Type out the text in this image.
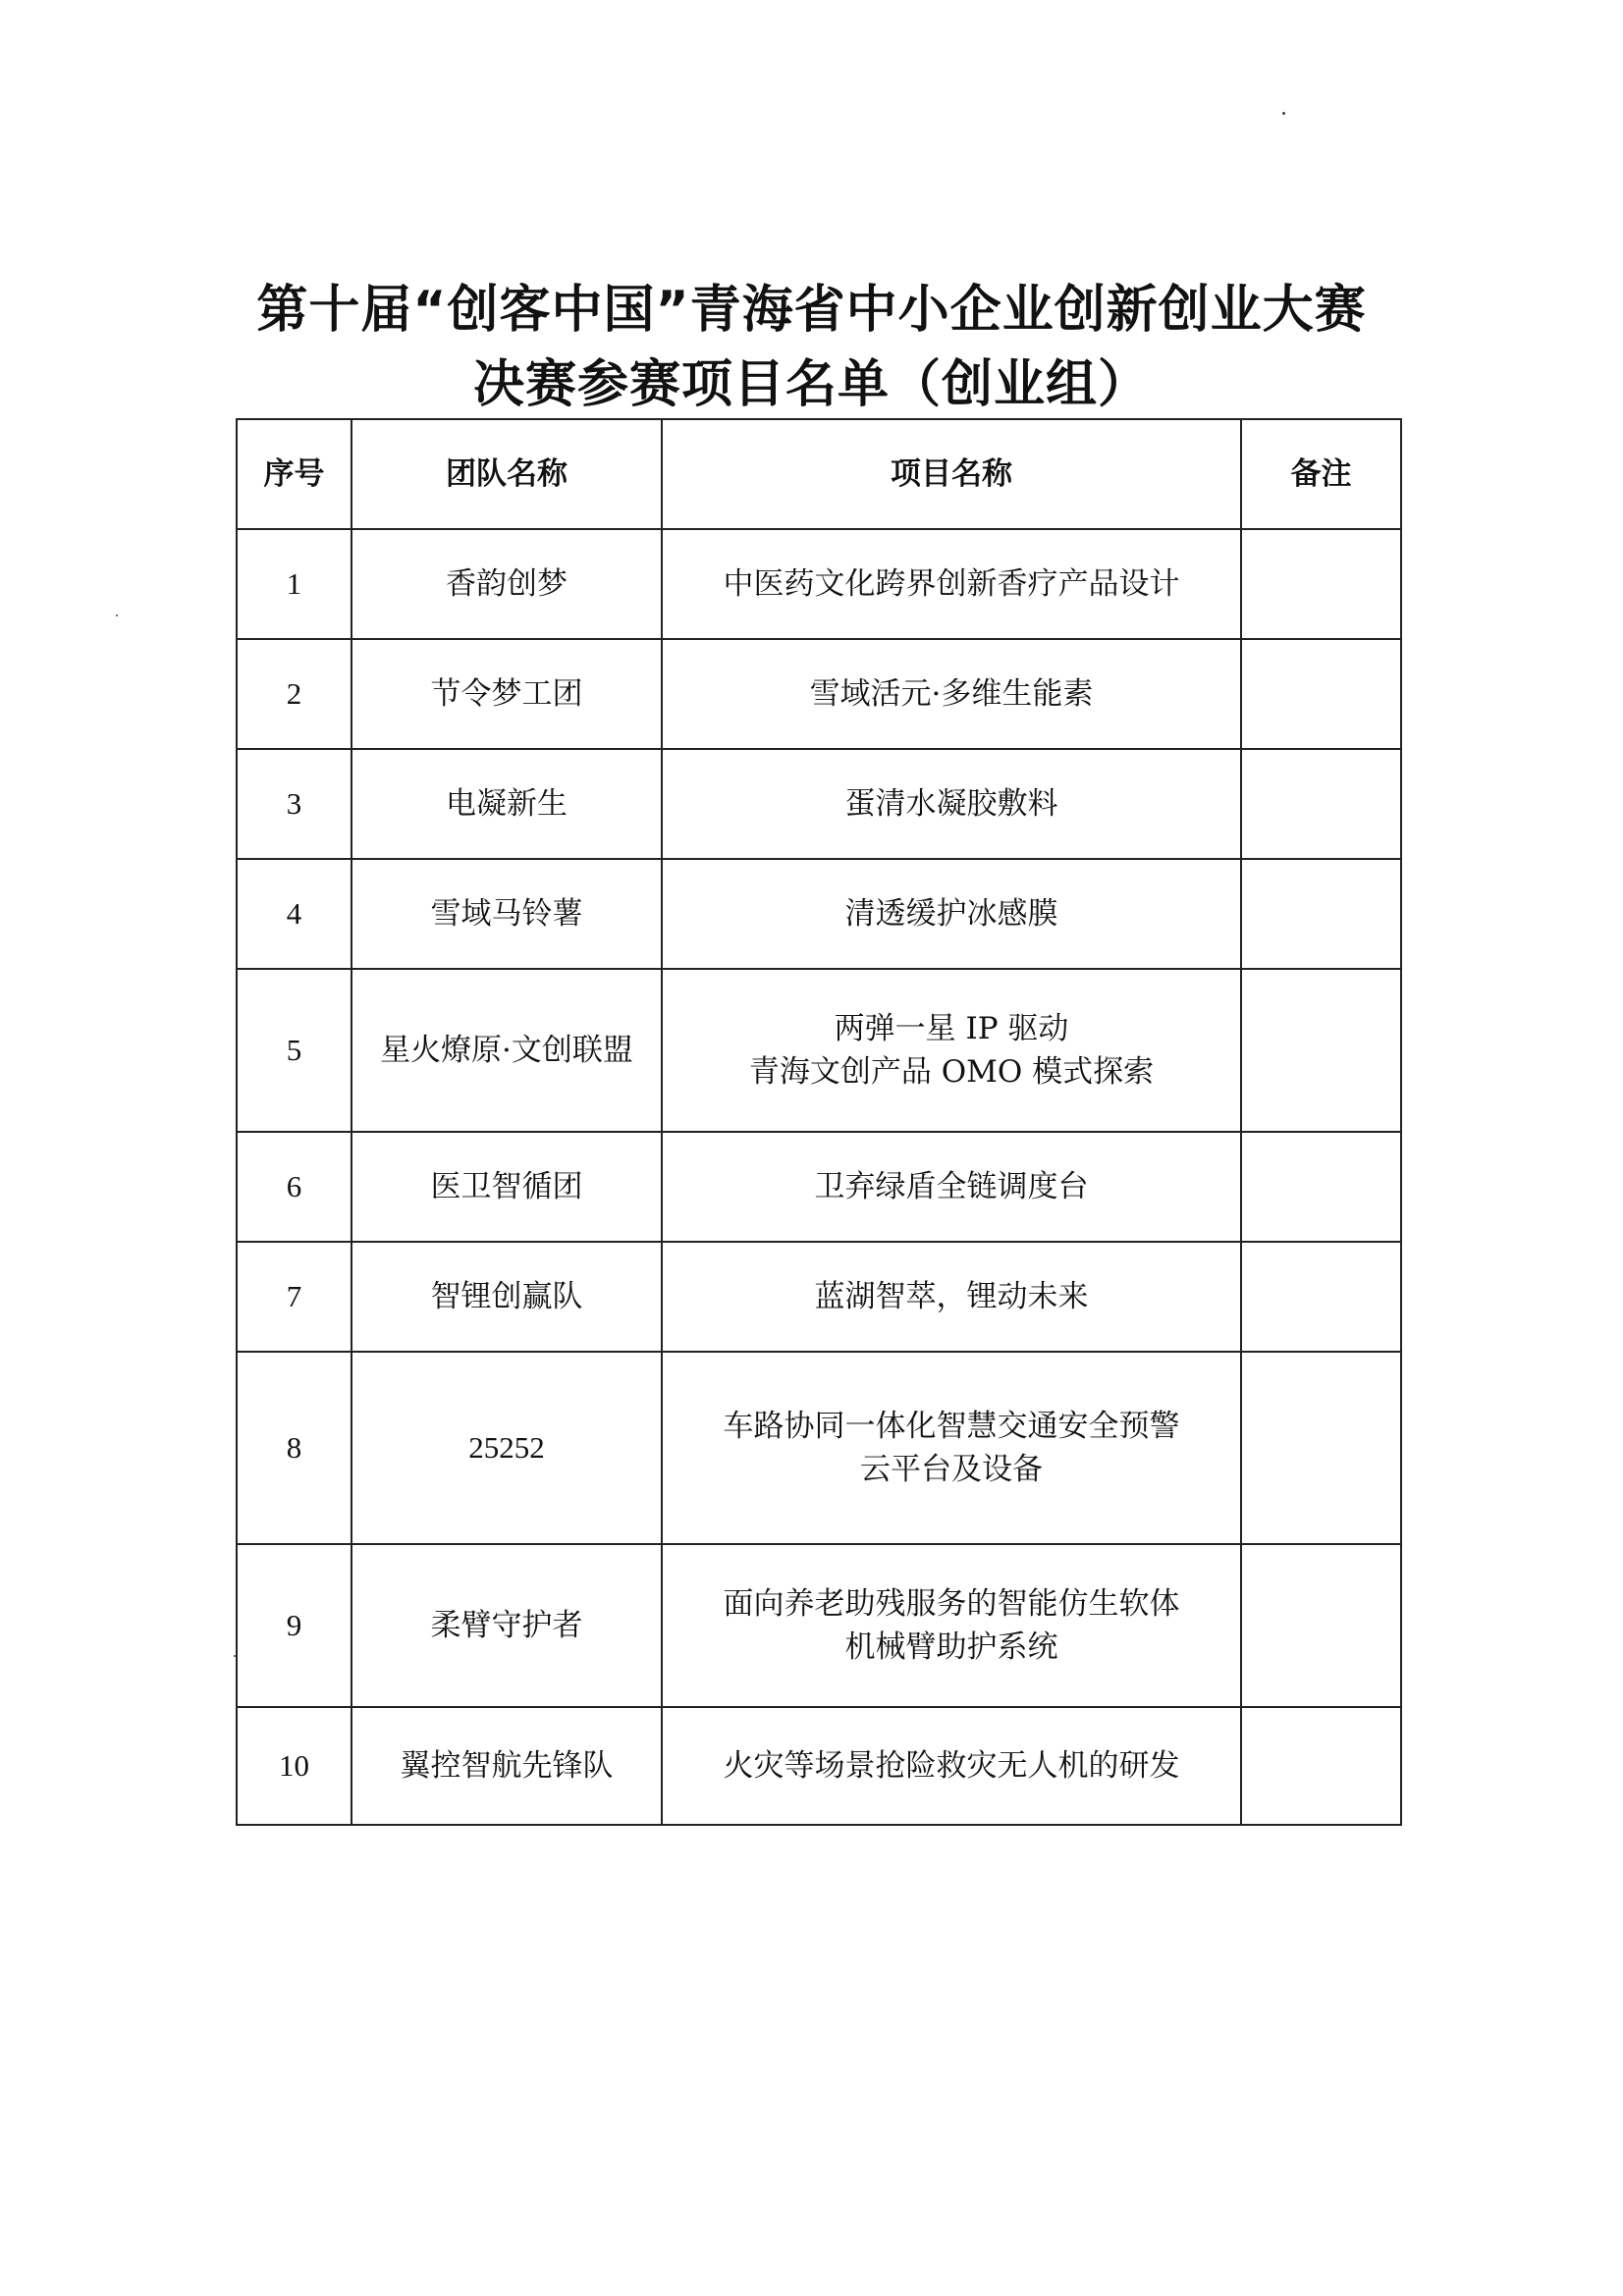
第十届“创客中国”青海省中小企业创新创业大赛
决赛参赛项目名单（创业组）
序号	团队名称	项目名称	备注
1	香韵创梦	中医药文化跨界创新香疗产品设计	

2	节令梦工团	雪域活元·多维生能素	

3	电凝新生	蛋清水凝胶敷料	

4	雪域马铃薯	清透缓护冰感膜	

5	星火燎原·文创联盟	两弹一星 IP 驱动
青海文创产品 OMO 模式探索	

6	医卫智循团	卫弃绿盾全链调度台	

7	智锂创赢队	蓝湖智萃，锂动未来	

8	25252	车路协同一体化智慧交通安全预警
云平台及设备	

9	柔臂守护者	面向养老助残服务的智能仿生软体
机械臂助护系统	

10	翼控智航先锋队	火灾等场景抢险救灾无人机的研发	
